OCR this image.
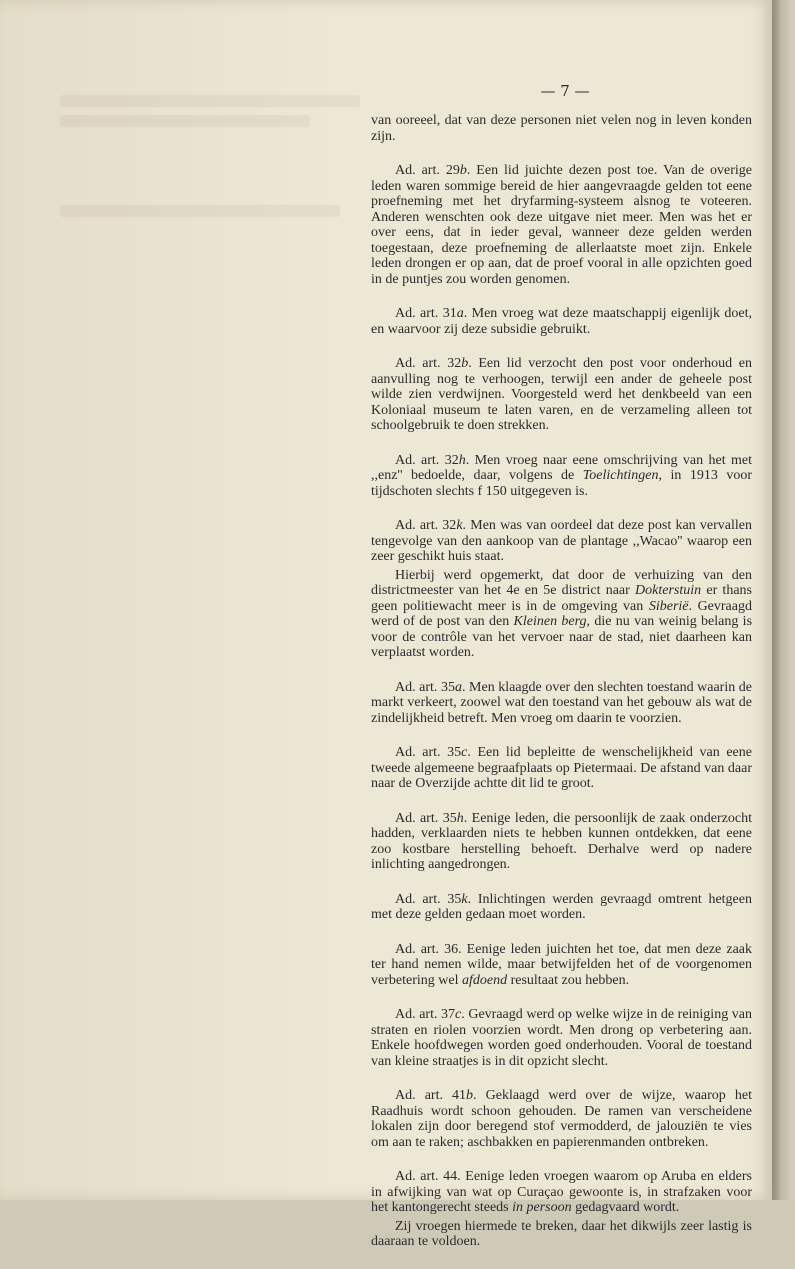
— 7 —

van ooreeel, dat van deze personen niet velen nog in leven konden zijn.

Ad. art. 29b. Een lid juichte dezen post toe. Van de overige leden waren sommige bereid de hier aangevraagde gelden tot eene proefneming met het dryfarming-systeem alsnog te voteeren. Anderen wenschten ook deze uitgave niet meer. Men was het er over eens, dat in ieder geval, wanneer deze gelden werden toegestaan, deze proefneming de allerlaatste moet zijn. Enkele leden drongen er op aan, dat de proef vooral in alle opzichten goed in de puntjes zou worden genomen.

Ad. art. 31a. Men vroeg wat deze maatschappij eigenlijk doet, en waarvoor zij deze subsidie gebruikt.

Ad. art. 32b. Een lid verzocht den post voor onderhoud en aanvulling nog te verhoogen, terwijl een ander de geheele post wilde zien verdwijnen. Voorgesteld werd het denkbeeld van een Koloniaal museum te laten varen, en de verzameling alleen tot schoolgebruik te doen strekken.

Ad. art. 32h. Men vroeg naar eene omschrijving van het met ,,enz'' bedoelde, daar, volgens de Toelichtingen, in 1913 voor tijdschoten slechts f 150 uitgegeven is.

Ad. art. 32k. Men was van oordeel dat deze post kan vervallen tengevolge van den aankoop van de plantage ,,Wacao'' waarop een zeer geschikt huis staat.

Hierbij werd opgemerkt, dat door de verhuizing van den districtmeester van het 4e en 5e district naar Dokterstuin er thans geen politiewacht meer is in de omgeving van Siberië. Gevraagd werd of de post van den Kleinen berg, die nu van weinig belang is voor de contrôle van het vervoer naar de stad, niet daarheen kan verplaatst worden.

Ad. art. 35a. Men klaagde over den slechten toestand waarin de markt verkeert, zoowel wat den toestand van het gebouw als wat de zindelijkheid betreft. Men vroeg om daarin te voorzien.

Ad. art. 35c. Een lid bepleitte de wenschelijkheid van eene tweede algemeene begraafplaats op Pietermaai. De afstand van daar naar de Overzijde achtte dit lid te groot.

Ad. art. 35h. Eenige leden, die persoonlijk de zaak onderzocht hadden, verklaarden niets te hebben kunnen ontdekken, dat eene zoo kostbare herstelling behoeft. Derhalve werd op nadere inlichting aangedrongen.

Ad. art. 35k. Inlichtingen werden gevraagd omtrent hetgeen met deze gelden gedaan moet worden.

Ad. art. 36. Eenige leden juichten het toe, dat men deze zaak ter hand nemen wilde, maar betwijfelden het of de voorgenomen verbetering wel afdoend resultaat zou hebben.

Ad. art. 37c. Gevraagd werd op welke wijze in de reiniging van straten en riolen voorzien wordt. Men drong op verbetering aan. Enkele hoofdwegen worden goed onderhouden. Vooral de toestand van kleine straatjes is in dit opzicht slecht.

Ad. art. 41b. Geklaagd werd over de wijze, waarop het Raadhuis wordt schoon gehouden. De ramen van verscheidene lokalen zijn door beregend stof vermodderd, de jalouziën te vies om aan te raken; aschbakken en papierenmanden ontbreken.

Ad. art. 44. Eenige leden vroegen waarom op Aruba en elders in afwijking van wat op Curaçao gewoonte is, in strafzaken voor het kantongerecht steeds in persoon gedagvaard wordt.

Zij vroegen hiermede te breken, daar het dikwijls zeer lastig is daaraan te voldoen.
